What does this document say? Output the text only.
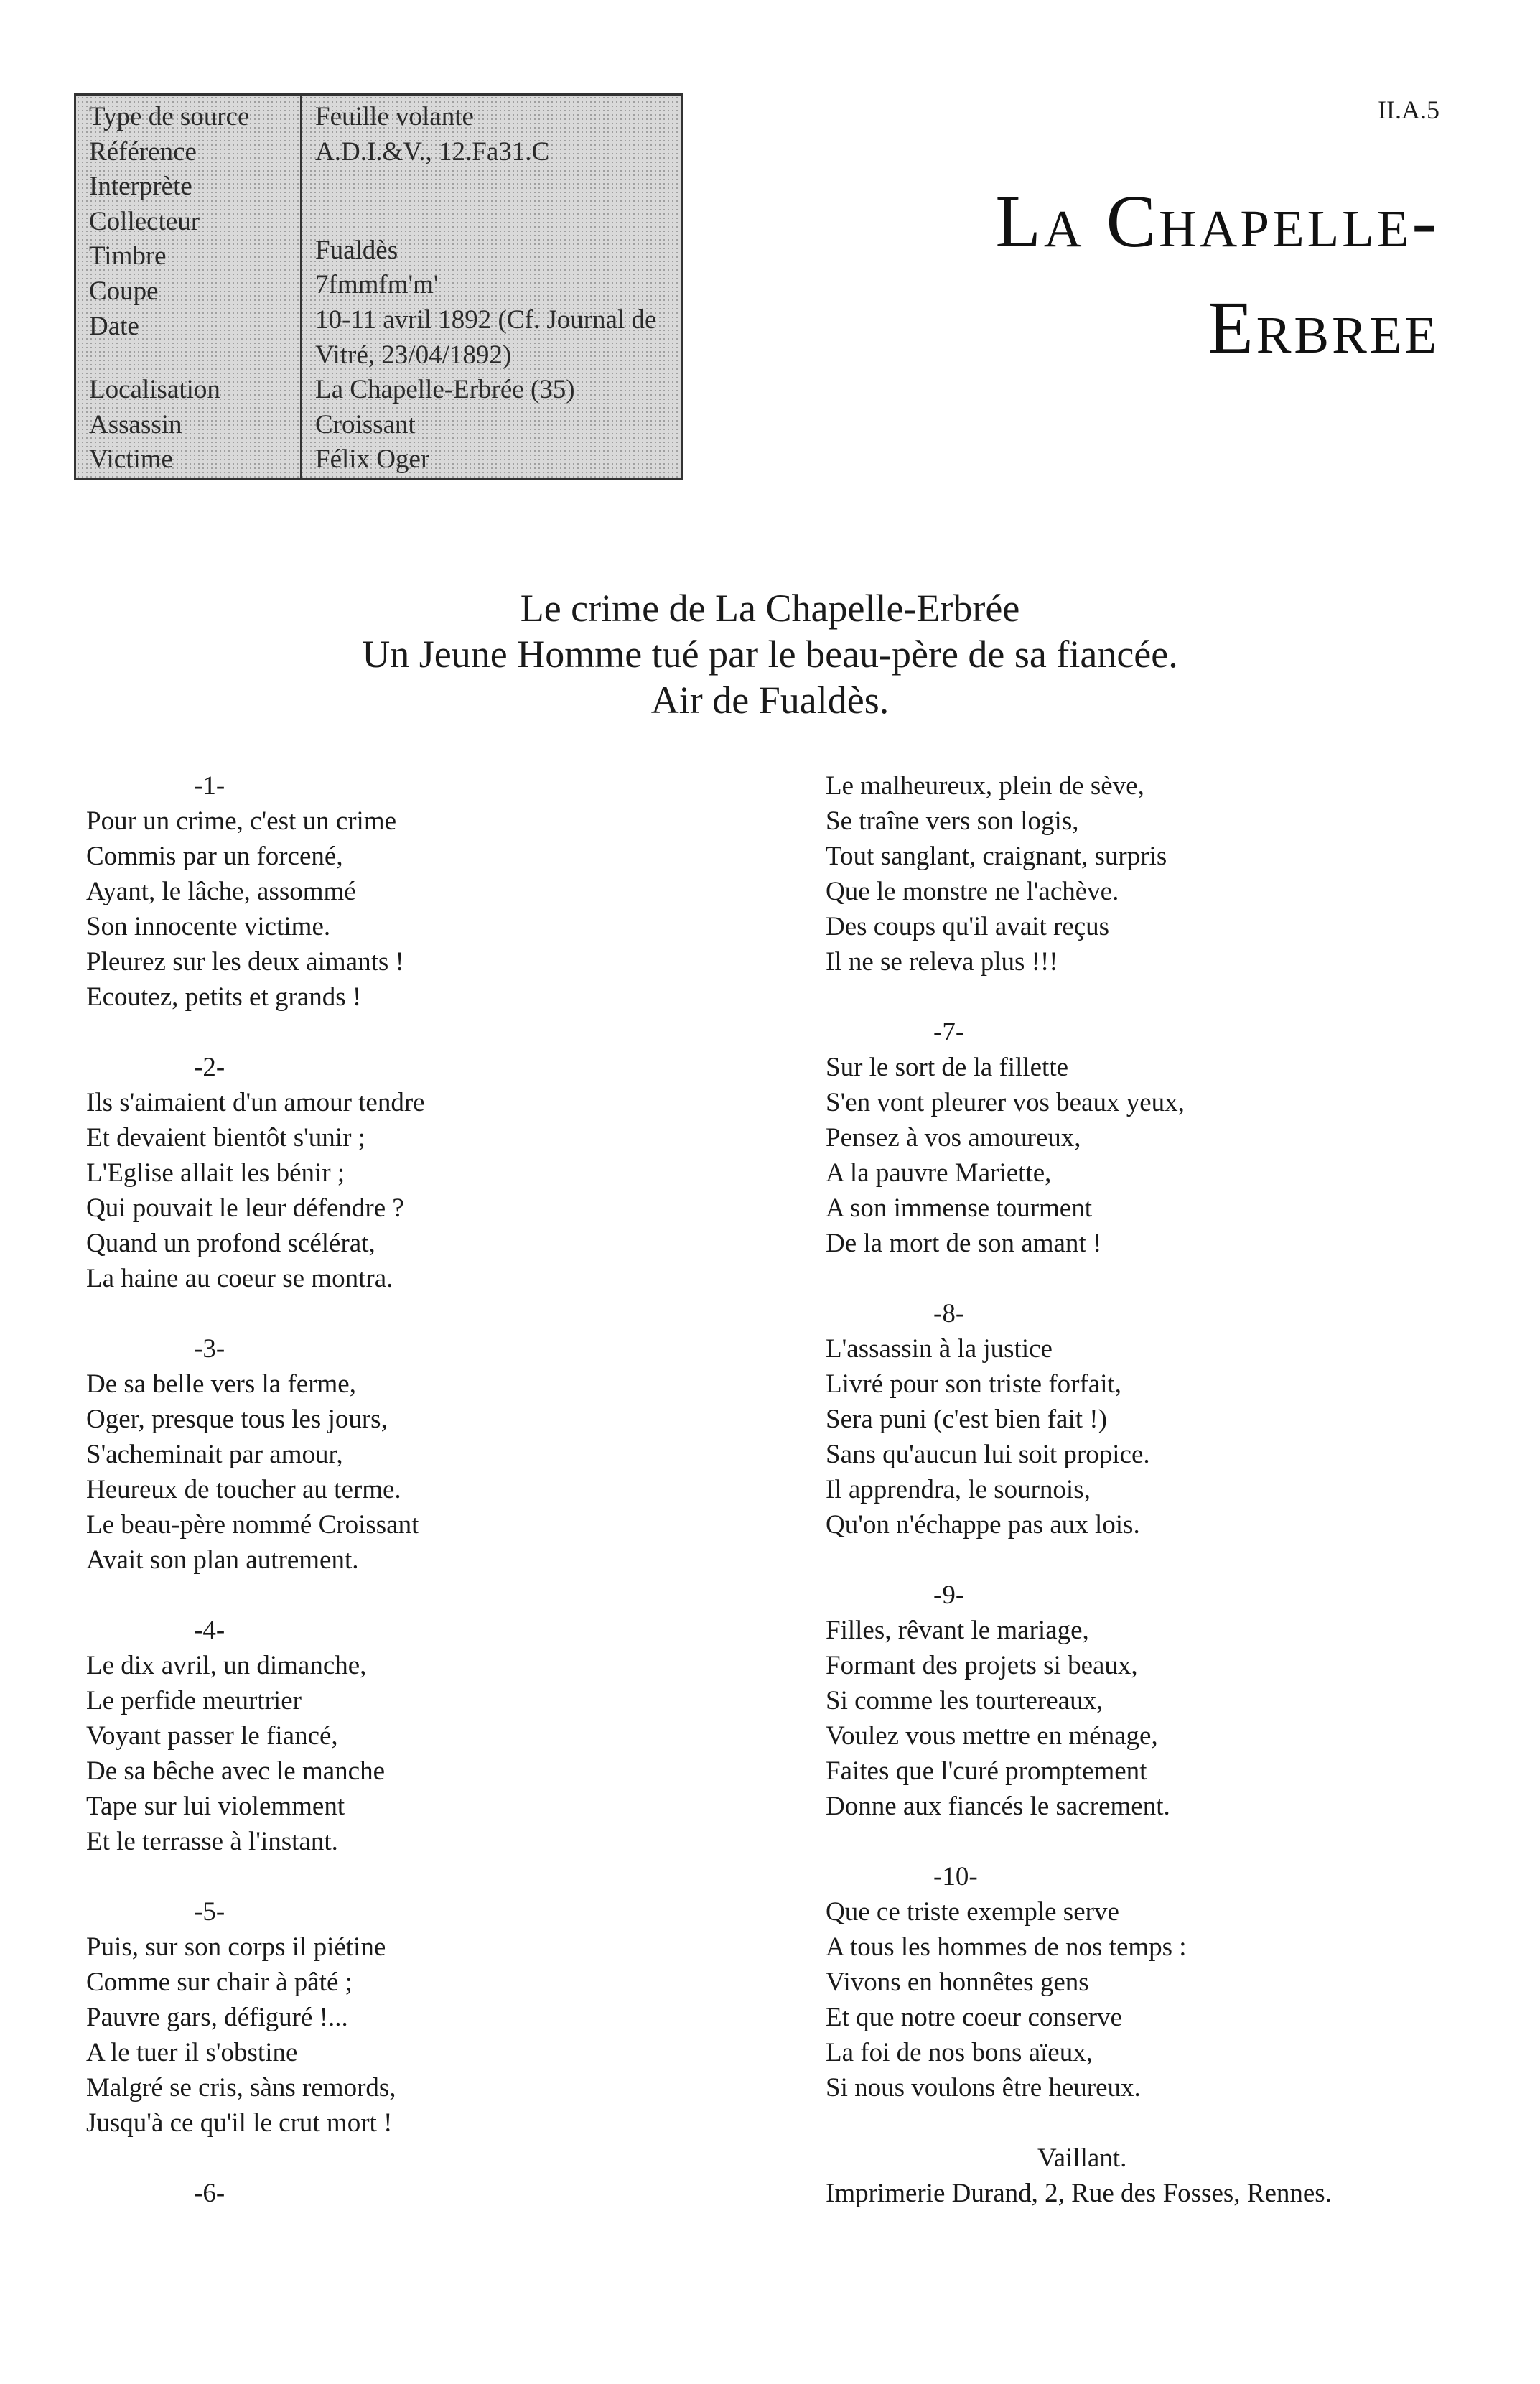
Type de source
Référence
Interprète
Collecteur
Timbre
Coupe
Date
Localisation
Assassin
Victime
Feuille volante
A.D.I.&V., 12.Fa31.C
Fualdès
7fmmfm'm'
10-11 avril 1892 (Cf. Journal de Vitré, 23/04/1892)
La Chapelle-Erbrée (35)
Croissant
Félix Oger
II.A.5
La Chapelle-
Erbree
Le crime de La Chapelle-Erbrée
Un Jeune Homme tué par le beau-père de sa fiancée.
Air de Fualdès.
-1-
Pour un crime, c'est un crime
Commis par un forcené,
Ayant, le lâche, assommé
Son innocente victime.
Pleurez sur les deux aimants !
Ecoutez, petits et grands !
-2-
Ils s'aimaient d'un amour tendre
Et devaient bientôt s'unir ;
L'Eglise allait les bénir ;
Qui pouvait le leur défendre ?
Quand un profond scélérat,
La haine au coeur se montra.
-3-
De sa belle vers la ferme,
Oger, presque tous les jours,
S'acheminait par amour,
Heureux de toucher au terme.
Le beau-père nommé Croissant
Avait son plan autrement.
-4-
Le dix avril, un dimanche,
Le perfide meurtrier
Voyant passer le fiancé,
De sa bêche avec le manche
Tape sur lui violemment
Et le terrasse à l'instant.
-5-
Puis, sur son corps il piétine
Comme sur chair à pâté ;
Pauvre gars, défiguré !...
A le tuer il s'obstine
Malgré se cris, sàns remords,
Jusqu'à ce qu'il le crut mort !
-6-
Le malheureux, plein de sève,
Se traîne vers son logis,
Tout sanglant, craignant, surpris
Que le monstre ne l'achève.
Des coups qu'il avait reçus
Il ne se releva plus !!!
-7-
Sur le sort de la fillette
S'en vont pleurer vos beaux yeux,
Pensez à vos amoureux,
A la pauvre Mariette,
A son immense tourment
De la mort de son amant !
-8-
L'assassin à la justice
Livré pour son triste forfait,
Sera puni (c'est bien fait !)
Sans qu'aucun lui soit propice.
Il apprendra, le sournois,
Qu'on n'échappe pas aux lois.
-9-
Filles, rêvant le mariage,
Formant des projets si beaux,
Si comme les tourtereaux,
Voulez vous mettre en ménage,
Faites que l'curé promptement
Donne aux fiancés le sacrement.
-10-
Que ce triste exemple serve
A tous les hommes de nos temps :
Vivons en honnêtes gens
Et que notre coeur conserve
La foi de nos bons aïeux,
Si nous voulons être heureux.
Vaillant.
Imprimerie Durand, 2, Rue des Fosses, Rennes.
